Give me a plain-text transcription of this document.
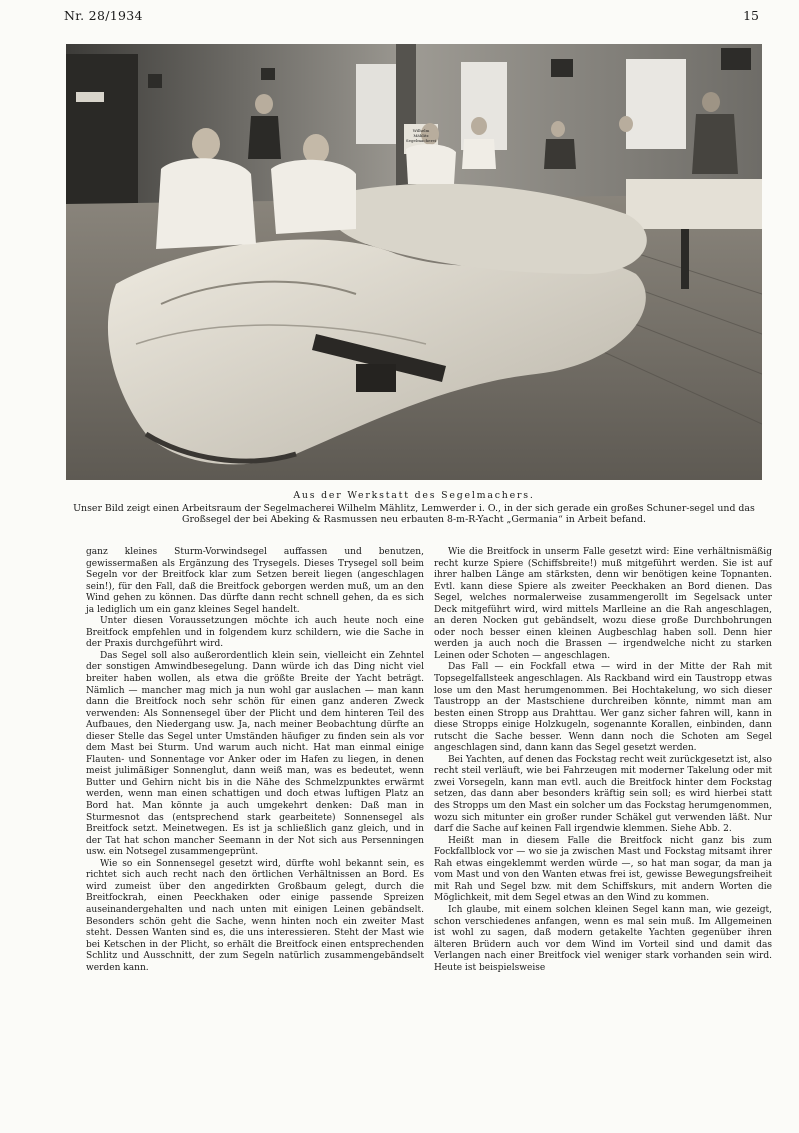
Nr. 28/1934	15
Wilhelm Mählitz Segelmacherei
Aus der Werkstatt des Segelmachers.
Unser Bild zeigt einen Arbeitsraum der Segelmacherei Wilhelm Mählitz, Lemwerder i. O., in der sich gerade ein großes Schuner-segel und das Großsegel der bei Abeking & Rasmussen neu erbauten 8-m-R-Yacht „Germania“ in Arbeit befand.

ganz kleines Sturm-Vorwindsegel auffassen und benutzen, gewissermaßen als Ergänzung des Trysegels. Dieses Trysegel soll beim Segeln vor der Breitfock klar zum Setzen bereit liegen (angeschlagen sein!), für den Fall, daß die Breitfock geborgen werden muß, um an den Wind gehen zu können. Das dürfte dann recht schnell gehen, da es sich ja lediglich um ein ganz kleines Segel handelt.

Unter diesen Voraussetzungen möchte ich auch heute noch eine Breitfock empfehlen und in folgendem kurz schildern, wie die Sache in der Praxis durchgeführt wird.

Das Segel soll also außerordentlich klein sein, vielleicht ein Zehntel der sonstigen Amwindbesegelung. Dann würde ich das Ding nicht viel breiter haben wollen, als etwa die größte Breite der Yacht beträgt. Nämlich — mancher mag mich ja nun wohl gar auslachen — man kann dann die Breitfock noch sehr schön für einen ganz anderen Zweck verwenden: Als Sonnensegel über der Plicht und dem hinteren Teil des Aufbaues, den Niedergang usw. Ja, nach meiner Beobachtung dürfte an dieser Stelle das Segel unter Umständen häufiger zu finden sein als vor dem Mast bei Sturm. Und warum auch nicht. Hat man einmal einige Flauten- und Sonnentage vor Anker oder im Hafen zu liegen, in denen meist julimäßiger Sonnenglut, dann weiß man, was es bedeutet, wenn Butter und Gehirn nicht bis in die Nähe des Schmelzpunktes erwärmt werden, wenn man einen schattigen und doch etwas luftigen Platz an Bord hat. Man könnte ja auch umgekehrt denken: Daß man in Sturmesnot das (entsprechend stark gearbeitete) Sonnensegel als Breitfock setzt. Meinetwegen. Es ist ja schließlich ganz gleich, und in der Tat hat schon mancher Seemann in der Not sich aus Persenningen usw. ein Notsegel zusammengeprünt.

Wie so ein Sonnensegel gesetzt wird, dürfte wohl bekannt sein, es richtet sich auch recht nach den örtlichen Verhältnissen an Bord. Es wird zumeist über den angedirkten Großbaum gelegt, durch die Breitfockrah, einen Peeckhaken oder einige passende Spreizen auseinandergehalten und nach unten mit einigen Leinen gebändselt. Besonders schön geht die Sache, wenn hinten noch ein zweiter Mast steht. Dessen Wanten sind es, die uns interessieren. Steht der Mast wie bei Ketschen in der Plicht, so erhält die Breitfock einen entsprechenden Schlitz und Ausschnitt, der zum Segeln natürlich zusammengebändselt werden kann.

Wie die Breitfock in unserm Falle gesetzt wird: Eine verhältnismäßig recht kurze Spiere (Schiffsbreite!) muß mitgeführt werden. Sie ist auf ihrer halben Länge am stärksten, denn wir benötigen keine Topnanten. Evtl. kann diese Spiere als zweiter Peeckhaken an Bord dienen. Das Segel, welches normalerweise zusammengerollt im Segelsack unter Deck mitgeführt wird, wird mittels Marlleine an die Rah angeschlagen, an deren Nocken gut gebändselt, wozu diese große Durchbohrungen oder noch besser einen kleinen Augbeschlag haben soll. Denn hier werden ja auch noch die Brassen — irgendwelche nicht zu starken Leinen oder Schoten — angeschlagen.

Das Fall — ein Fockfall etwa — wird in der Mitte der Rah mit Topsegelfallsteek angeschlagen. Als Rackband wird ein Taustropp etwas lose um den Mast herumgenommen. Bei Hochtakelung, wo sich dieser Taustropp an der Mastschiene durchreiben könnte, nimmt man am besten einen Stropp aus Drahttau. Wer ganz sicher fahren will, kann in diese Stropps einige Holzkugeln, sogenannte Korallen, einbinden, dann rutscht die Sache besser. Wenn dann noch die Schoten am Segel angeschlagen sind, dann kann das Segel gesetzt werden.

Bei Yachten, auf denen das Fockstag recht weit zurückgesetzt ist, also recht steil verläuft, wie bei Fahrzeugen mit moderner Takelung oder mit zwei Vorsegeln, kann man evtl. auch die Breitfock hinter dem Fockstag setzen, das dann aber besonders kräftig sein soll; es wird hierbei statt des Stropps um den Mast ein solcher um das Fockstag herumgenommen, wozu sich mitunter ein großer runder Schäkel gut verwenden läßt. Nur darf die Sache auf keinen Fall irgendwie klemmen. Siehe Abb. 2.

Heißt man in diesem Falle die Breitfock nicht ganz bis zum Fockfallblock vor — wo sie ja zwischen Mast und Fockstag mitsamt ihrer Rah etwas eingeklemmt werden würde —, so hat man sogar, da man ja vom Mast und von den Wanten etwas frei ist, gewisse Bewegungsfreiheit mit Rah und Segel bzw. mit dem Schiffskurs, mit andern Worten die Möglichkeit, mit dem Segel etwas an den Wind zu kommen.

Ich glaube, mit einem solchen kleinen Segel kann man, wie gezeigt, schon verschiedenes anfangen, wenn es mal sein muß. Im Allgemeinen ist wohl zu sagen, daß modern getakelte Yachten gegenüber ihren älteren Brüdern auch vor dem Wind im Vorteil sind und damit das Verlangen nach einer Breitfock viel weniger stark vorhanden sein wird. Heute ist beispielsweise
